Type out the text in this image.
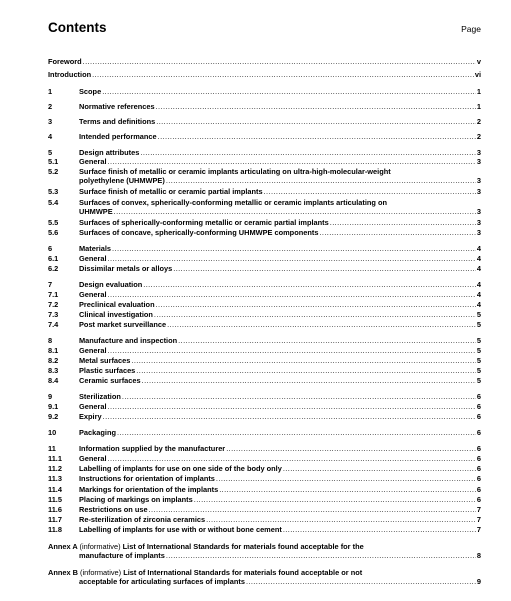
Contents	Page
Foreword .....	v
Introduction .....	vi
1	Scope .....	1
2	Normative references .....	1
3	Terms and definitions .....	2
4	Intended performance .....	2
5	Design attributes .....	3
5.1	General .....	3
5.2	Surface finish of metallic or ceramic implants articulating on ultra-high-molecular-weight
polyethylene (UHMWPE) .....	3
5.3	Surface finish of metallic or ceramic partial implants .....	3
5.4	Surfaces of convex, spherically-conforming metallic or ceramic implants articulating on
UHMWPE .....	3
5.5	Surfaces of spherically-conforming metallic or ceramic partial implants .....	3
5.6	Surfaces of concave, spherically-conforming UHMWPE components .....	3
6	Materials .....	4
6.1	General .....	4
6.2	Dissimilar metals or alloys .....	4
7	Design evaluation .....	4
7.1	General .....	4
7.2	Preclinical evaluation .....	4
7.3	Clinical investigation .....	5
7.4	Post market surveillance .....	5
8	Manufacture and inspection .....	5
8.1	General .....	5
8.2	Metal surfaces .....	5
8.3	Plastic surfaces .....	5
8.4	Ceramic surfaces .....	5
9	Sterilization .....	6
9.1	General .....	6
9.2	Expiry .....	6
10	Packaging .....	6
11	Information supplied by the manufacturer .....	6
11.1 General .....	6
11.2 Labelling of implants for use on one side of the body only .....	6
11.3 Instructions for orientation of implants .....	6
11.4 Markings for orientation of the implants .....	6
11.5 Placing of markings on implants .....	6
11.6 Restrictions on use .....	7
11.7 Re-sterilization of zirconia ceramics .....	7
11.8 Labelling of implants for use with or without bone cement .....	7
Annex A (informative) List of International Standards for materials found acceptable for the
manufacture of implants .....	8
Annex B (informative) List of International Standards for materials found acceptable or not
acceptable for articulating surfaces of implants .....	9
